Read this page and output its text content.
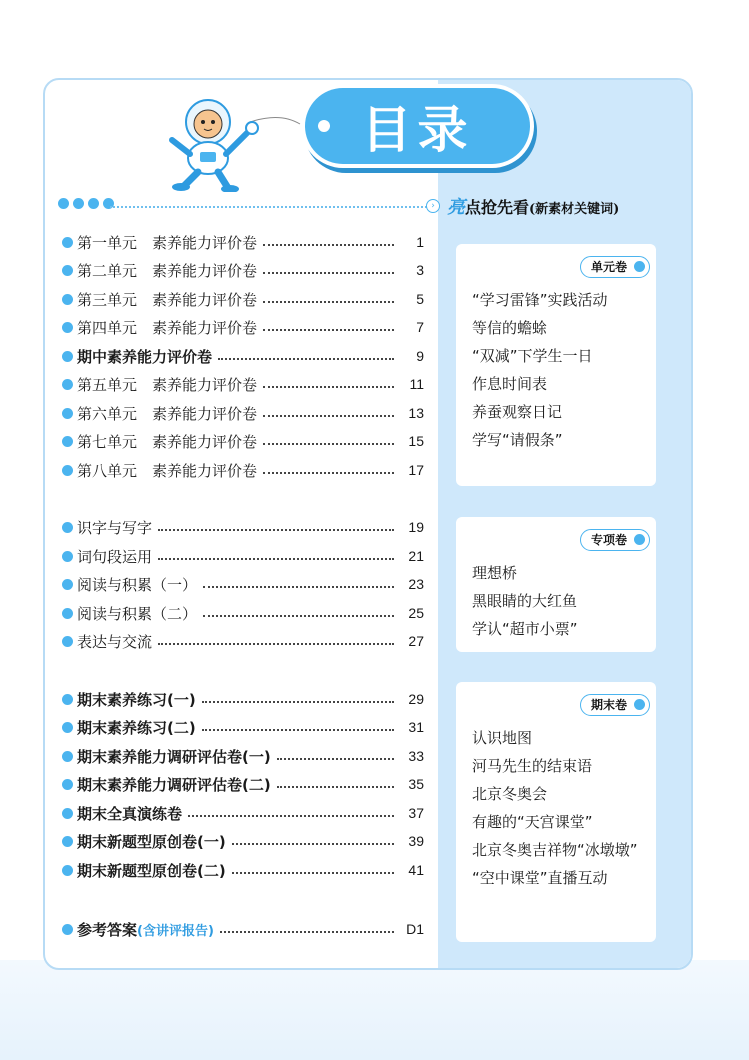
目录
› 亮点抢先看(新素材关键词)
第一单元　素养能力评价卷	1
第二单元　素养能力评价卷	3
第三单元　素养能力评价卷	5
第四单元　素养能力评价卷	7
期中素养能力评价卷	9
第五单元　素养能力评价卷	11
第六单元　素养能力评价卷	13
第七单元　素养能力评价卷	15
第八单元　素养能力评价卷	17
识字与写字	19
词句段运用	21
阅读与积累（一）	23
阅读与积累（二）	25
表达与交流	27
期末素养练习(一)	29
期末素养练习(二)	31
期末素养能力调研评估卷(一)	33
期末素养能力调研评估卷(二)	35
期末全真演练卷	37
期末新题型原创卷(一)	39
期末新题型原创卷(二)	41
参考答案(含讲评报告)	D1
单元卷
“学习雷锋”实践活动
等信的蟾蜍
“双减”下学生一日
作息时间表
养蚕观察日记
学写“请假条”
专项卷
理想桥
黑眼睛的大红鱼
学认“超市小票”
期末卷
认识地图
河马先生的结束语
北京冬奥会
有趣的“天宫课堂”
北京冬奥吉祥物“冰墩墩”
“空中课堂”直播互动
